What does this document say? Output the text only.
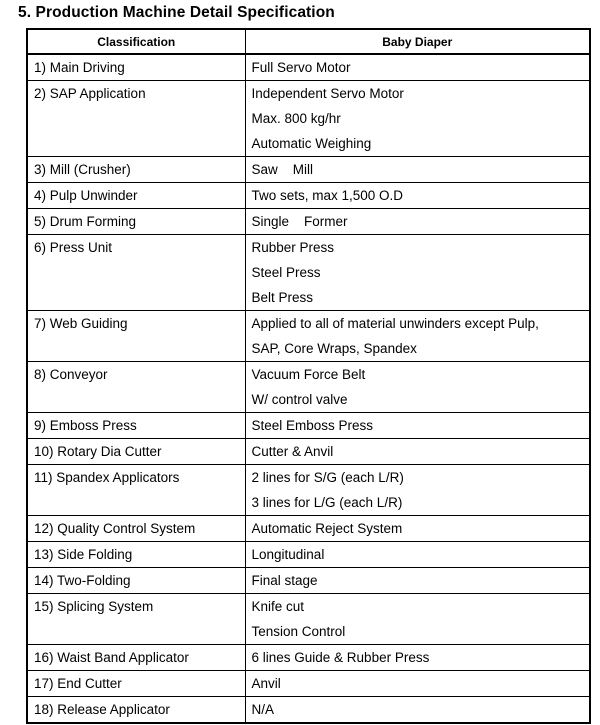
5. Production Machine Detail Specification
Classification	Baby Diaper

1) Main Driving	Full Servo Motor

2) SAP Application	Independent Servo Motor
Max. 800 kg/hr
Automatic Weighing

3) Mill (Crusher)	Saw    Mill

4) Pulp Unwinder	Two sets, max 1,500 O.D

5) Drum Forming	Single    Former

6) Press Unit	Rubber Press
Steel Press
Belt Press

7) Web Guiding	Applied to all of material unwinders except Pulp,
SAP, Core Wraps, Spandex

8) Conveyor	Vacuum Force Belt
W/ control valve

9) Emboss Press	Steel Emboss Press

10) Rotary Dia Cutter	Cutter & Anvil

11) Spandex Applicators	2 lines for S/G (each L/R)
3 lines for L/G (each L/R)

12) Quality Control System	Automatic Reject System

13) Side Folding	Longitudinal

14) Two-Folding	Final stage

15) Splicing System	Knife cut
Tension Control

16) Waist Band Applicator	6 lines Guide & Rubber Press

17) End Cutter	Anvil

18) Release Applicator	N/A
